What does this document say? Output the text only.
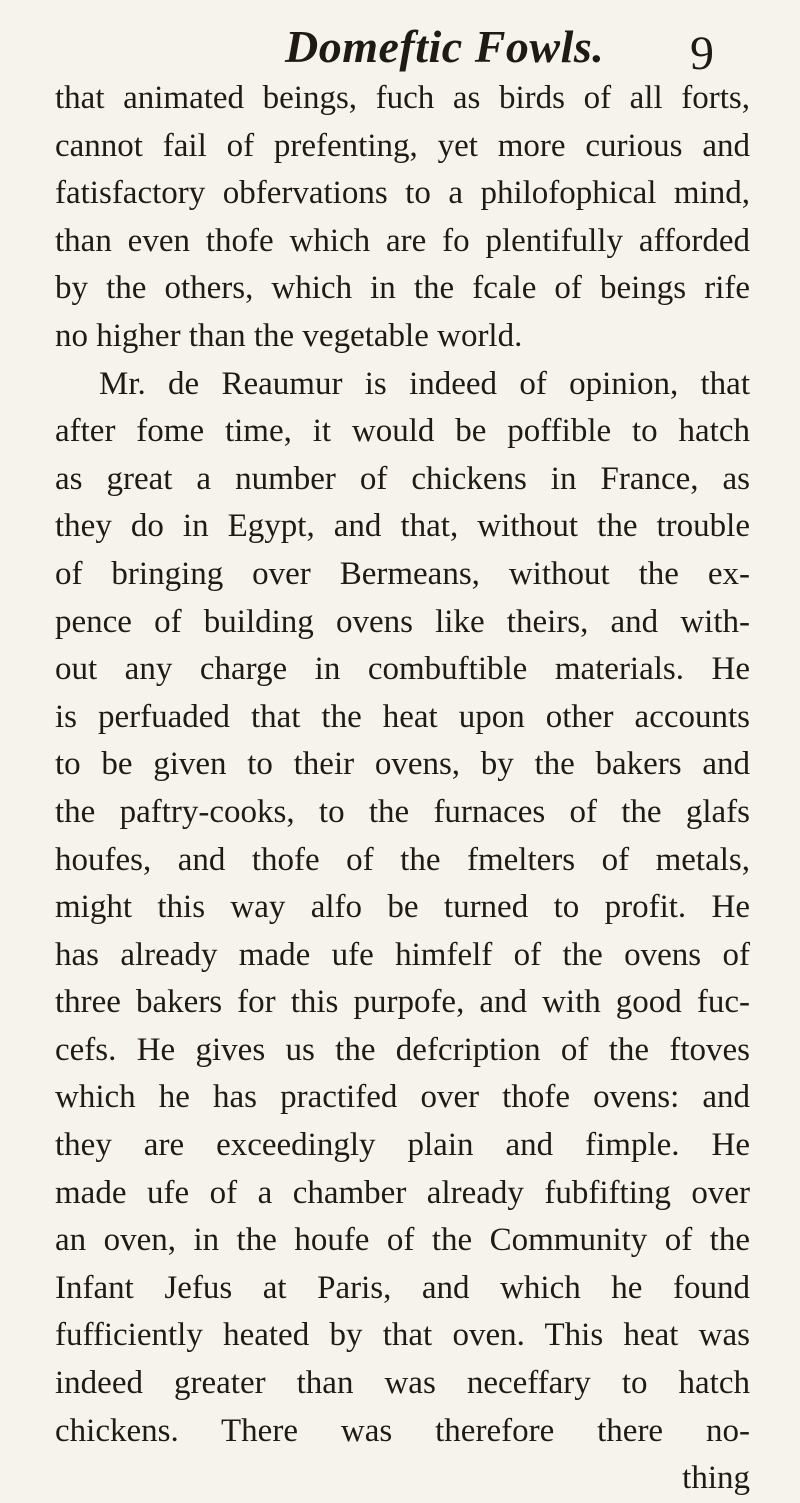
Domeftic Fowls. 9
that animated beings, fuch as birds of all forts,
cannot fail of prefenting, yet more curious and
fatisfactory obfervations to a philofophical mind,
than even thofe which are fo plentifully afforded
by the others, which in the fcale of beings rife
no higher than the vegetable world.
Mr. de Reaumur is indeed of opinion, that
after fome time, it would be poffible to hatch
as great a number of chickens in France, as
they do in Egypt, and that, without the trouble
of bringing over Bermeans, without the ex-
pence of building ovens like theirs, and with-
out any charge in combuftible materials. He
is perfuaded that the heat upon other accounts
to be given to their ovens, by the bakers and
the paftry-cooks, to the furnaces of the glafs
houfes, and thofe of the fmelters of metals,
might this way alfo be turned to profit. He
has already made ufe himfelf of the ovens of
three bakers for this purpofe, and with good fuc-
cefs. He gives us the defcription of the ftoves
which he has practifed over thofe ovens: and
they are exceedingly plain and fimple. He
made ufe of a chamber already fubfifting over
an oven, in the houfe of the Community of the
Infant Jefus at Paris, and which he found
fufficiently heated by that oven. This heat was
indeed greater than was neceffary to hatch
chickens. There was therefore there no-
thing
